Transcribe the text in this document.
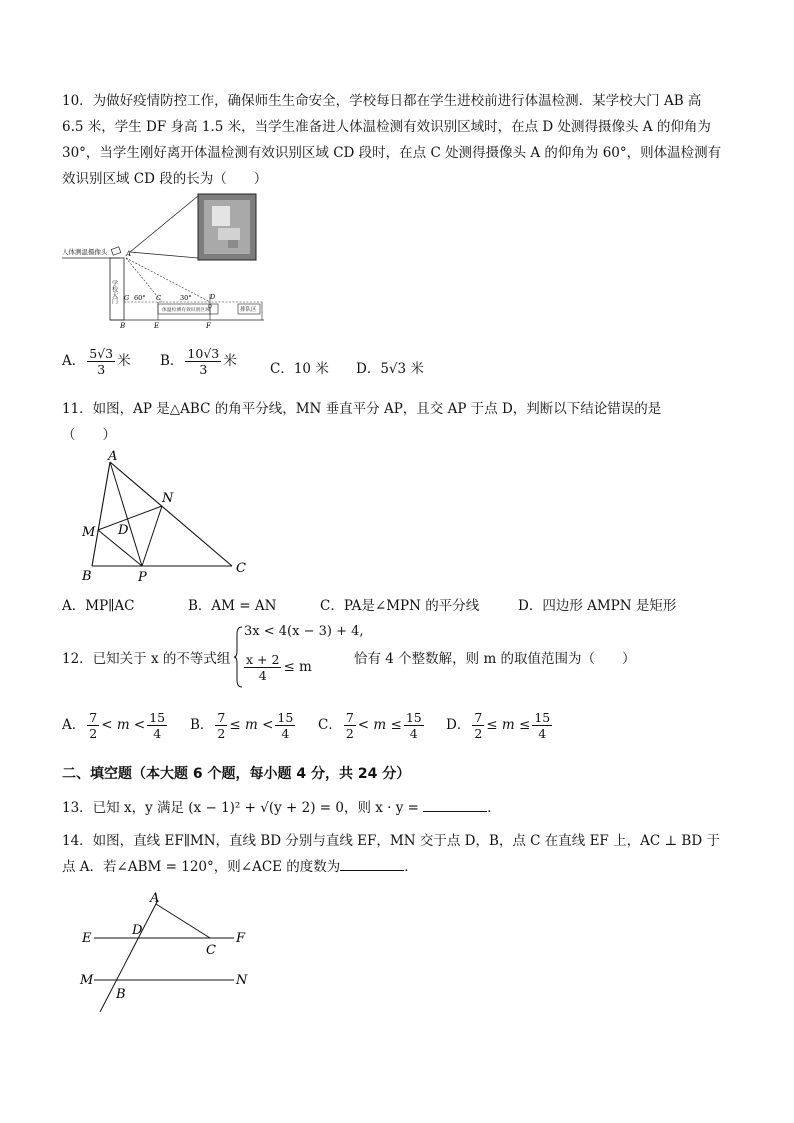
10．为做好疫情防控工作，确保师生生命安全，学校每日都在学生进校前进行体温检测．某学校大门 AB 高
6.5 米，学生 DF 身高 1.5 米，当学生准备进人体温检测有效识别区域时，在点 D 处测得摄像头 A 的仰角为
30°，当学生刚好离开体温检测有效识别区域 CD 段时，在点 C 处测得摄像头 A 的仰角为 60°，则体温检测有
效识别区域 CD 段的长为（　　）
人体测温摄像头	A
学校大门
体温检测有效识别区域	排队区
G 60° C	30°	D
B	E	F
A． $\frac{5√3}{3}$ 米 B． $\frac{10√3}{3}$ 米 C．10 米 D．5√3 米
11．如图，AP 是△ABC 的角平分线，MN 垂直平分 AP，且交 AP 于点 D，判断以下结论错误的是
（　　）
A
B
C
D
M
N
P
A．MP∥AC	B．AM = AN	C．PA是∠MPN 的平分线	D．四边形 AMPN 是矩形
12．已知关于 x 的不等式组
3x < 4(x − 3) + 4,
$\frac{x + 2}{4} \le m$	恰有 4 个整数解，则 m 的取值范围为（　　）
A． $\frac{7}{2} < m < \frac{15}{4}$ B． $\frac{7}{2} \le m < \frac{15}{4}$ C． $\frac{7}{2} < m \le \frac{15}{4}$ D． $\frac{7}{2} \le m \le \frac{15}{4}$
二、填空题（本大题 6 个题，每小题 4 分，共 24 分）
13．已知 x，y 满足 (x − 1)² + √(y + 2) = 0，则 x · y =	．
14．如图，直线 EF∥MN，直线 BD 分别与直线 EF，MN 交于点 D，B，点 C 在直线 EF 上，AC ⊥ BD 于
点 A．若∠ABM = 120°，则∠ACE 的度数为	．
A
B
C
D
E	F
M	N
